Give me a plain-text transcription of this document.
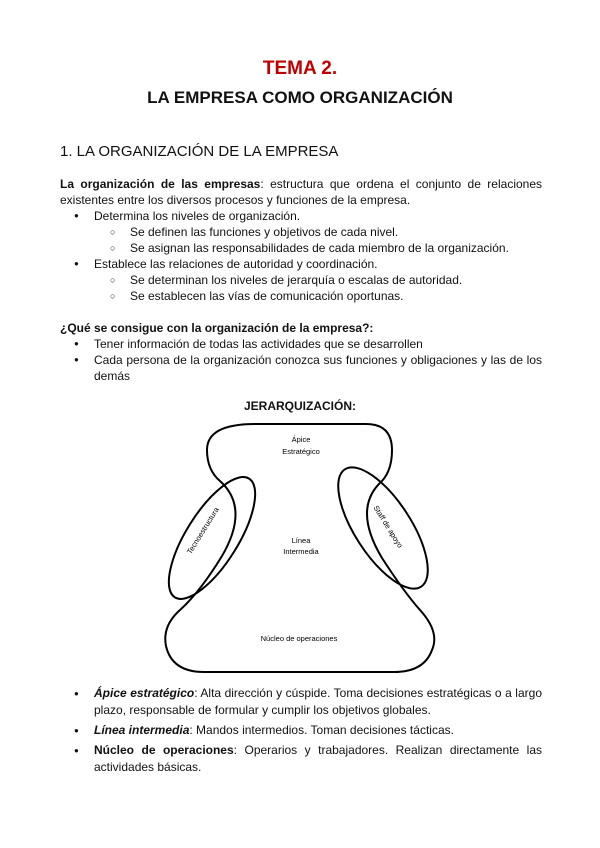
TEMA 2.
LA EMPRESA COMO ORGANIZACIÓN
1. LA ORGANIZACIÓN DE LA EMPRESA

La organización de las empresas: estructura que ordena el conjunto de relaciones existentes entre los diversos procesos y funciones de la empresa.

● Determina los niveles de organización.
○ Se definen las funciones y objetivos de cada nivel.
○ Se asignan las responsabilidades de cada miembro de la organización.
● Establece las relaciones de autoridad y coordinación.
○ Se determinan los niveles de jerarquía o escalas de autoridad.
○ Se establecen las vías de comunicación oportunas.

¿Qué se consigue con la organización de la empresa?:

● Tener información de todas las actividades que se desarrollen
● Cada persona de la organización conozca sus funciones y obligaciones y las de los demás
JERARQUIZACIÓN:
Ápice
Estratégico
Línea
Intermedia
Núcleo de operaciones
Tecnoestructura	Staff de apoyo
● Ápice estratégico: Alta dirección y cúspide. Toma decisiones estratégicas o a largo plazo, responsable de formular y cumplir los objetivos globales.
● Línea intermedia: Mandos intermedios. Toman decisiones tácticas.
● Núcleo de operaciones: Operarios y trabajadores. Realizan directamente las actividades básicas.
